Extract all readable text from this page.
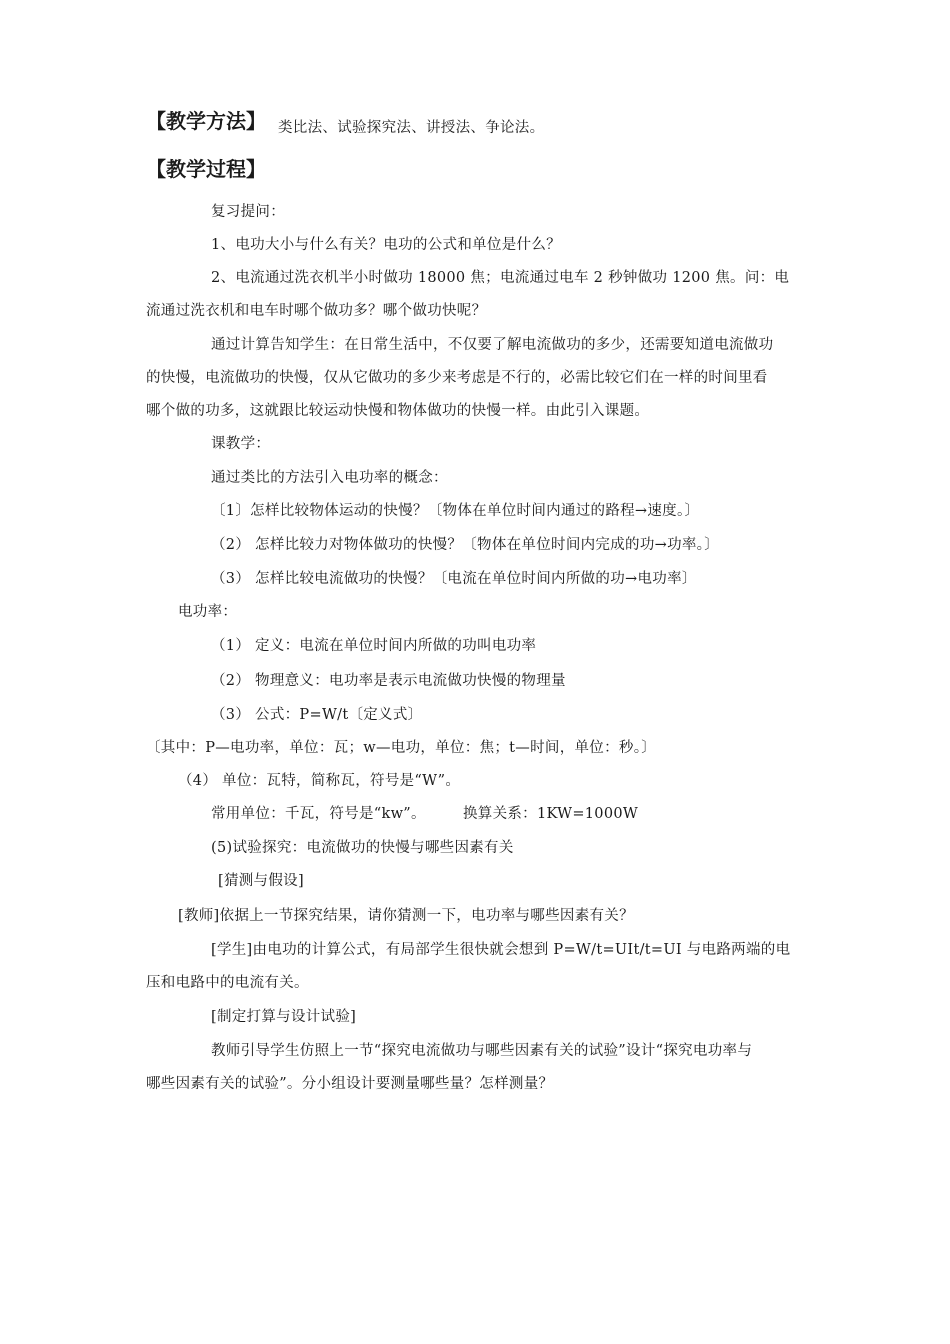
【教学方法】 类比法、试验探究法、讲授法、争论法。
【教学过程】
复习提问：
1、电功大小与什么有关？电功的公式和单位是什么？
2、电流通过洗衣机半小时做功 18000 焦；电流通过电车 2 秒钟做功 1200 焦。问：电
流通过洗衣机和电车时哪个做功多？哪个做功快呢？
通过计算告知学生：在日常生活中，不仅要了解电流做功的多少，还需要知道电流做功
的快慢，电流做功的快慢，仅从它做功的多少来考虑是不行的，必需比较它们在一样的时间里看
哪个做的功多，这就跟比较运动快慢和物体做功的快慢一样。由此引入课题。
课教学：
通过类比的方法引入电功率的概念：
〔1〕怎样比较物体运动的快慢？〔物体在单位时间内通过的路程→速度。〕
（2） 怎样比较力对物体做功的快慢？〔物体在单位时间内完成的功→功率。〕
（3） 怎样比较电流做功的快慢？〔电流在单位时间内所做的功→电功率〕
电功率：
（1） 定义：电流在单位时间内所做的功叫电功率
（2） 物理意义：电功率是表示电流做功快慢的物理量
（3） 公式：P=W/t〔定义式〕
〔其中：P—电功率，单位：瓦；w—电功，单位：焦；t—时间，单位：秒。〕
（4） 单位：瓦特，简称瓦，符号是“W”。
常用单位：千瓦，符号是“kw”。　　　换算关系：1KW=1000W
(5)试验探究：电流做功的快慢与哪些因素有关
[猜测与假设]
[教师]依据上一节探究结果，请你猜测一下，电功率与哪些因素有关？
[学生]由电功的计算公式，有局部学生很快就会想到 P=W/t=UIt/t=UI 与电路两端的电
压和电路中的电流有关。
[制定打算与设计试验]
教师引导学生仿照上一节“探究电流做功与哪些因素有关的试验”设计“探究电功率与
哪些因素有关的试验”。分小组设计要测量哪些量？怎样测量？
